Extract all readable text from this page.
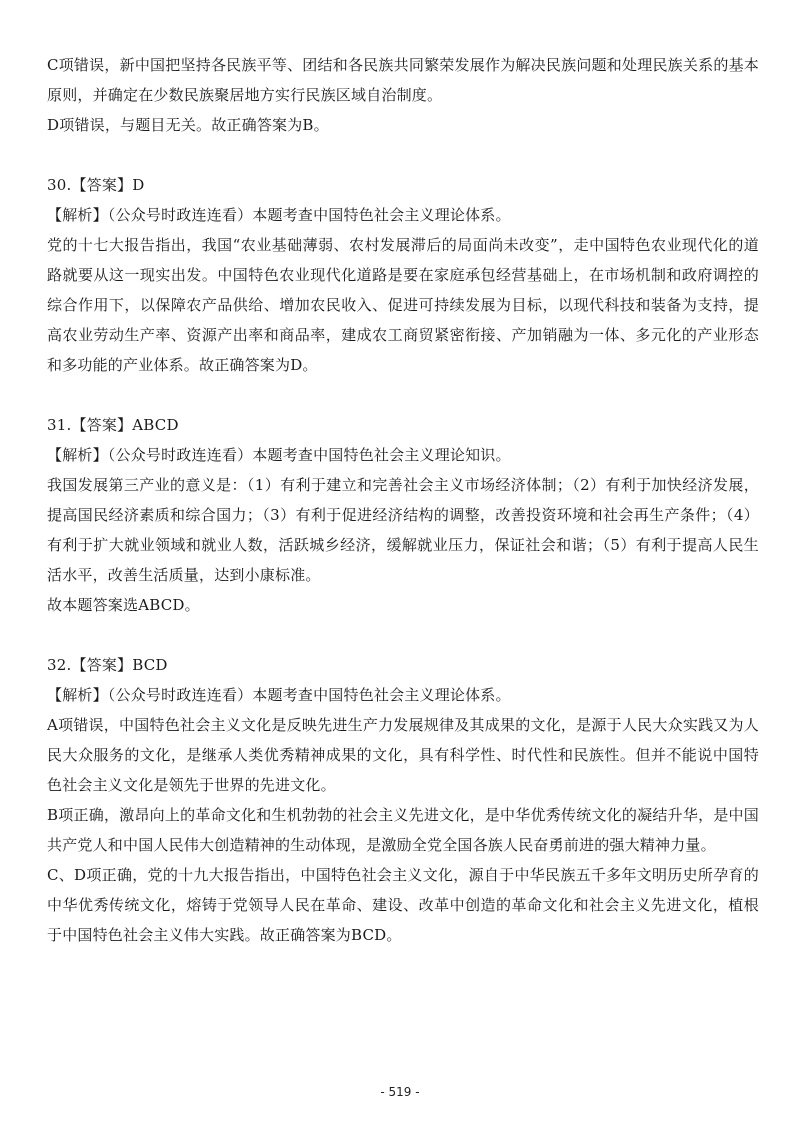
C项错误，新中国把坚持各民族平等、团结和各民族共同繁荣发展作为解决民族问题和处理民族关系的基本原则，并确定在少数民族聚居地方实行民族区域自治制度。

D项错误，与题目无关。故正确答案为B。

30.【答案】D

【解析】（公众号时政连连看）本题考查中国特色社会主义理论体系。

党的十七大报告指出，我国“农业基础薄弱、农村发展滞后的局面尚未改变”，走中国特色农业现代化的道路就要从这一现实出发。中国特色农业现代化道路是要在家庭承包经营基础上，在市场机制和政府调控的综合作用下，以保障农产品供给、增加农民收入、促进可持续发展为目标，以现代科技和装备为支持，提高农业劳动生产率、资源产出率和商品率，建成农工商贸紧密衔接、产加销融为一体、多元化的产业形态和多功能的产业体系。故正确答案为D。

31.【答案】ABCD

【解析】（公众号时政连连看）本题考查中国特色社会主义理论知识。

我国发展第三产业的意义是：（1）有利于建立和完善社会主义市场经济体制；（2）有利于加快经济发展，提高国民经济素质和综合国力；（3）有利于促进经济结构的调整，改善投资环境和社会再生产条件；（4）有利于扩大就业领域和就业人数，活跃城乡经济，缓解就业压力，保证社会和谐；（5）有利于提高人民生活水平，改善生活质量，达到小康标准。

故本题答案选ABCD。

32.【答案】BCD

【解析】（公众号时政连连看）本题考查中国特色社会主义理论体系。

A项错误，中国特色社会主义文化是反映先进生产力发展规律及其成果的文化，是源于人民大众实践又为人民大众服务的文化，是继承人类优秀精神成果的文化，具有科学性、时代性和民族性。但并不能说中国特色社会主义文化是领先于世界的先进文化。

B项正确，激昂向上的革命文化和生机勃勃的社会主义先进文化，是中华优秀传统文化的凝结升华，是中国共产党人和中国人民伟大创造精神的生动体现，是激励全党全国各族人民奋勇前进的强大精神力量。

C、D项正确，党的十九大报告指出，中国特色社会主义文化，源自于中华民族五千多年文明历史所孕育的中华优秀传统文化，熔铸于党领导人民在革命、建设、改革中创造的革命文化和社会主义先进文化，植根于中国特色社会主义伟大实践。故正确答案为BCD。

- 519 -
